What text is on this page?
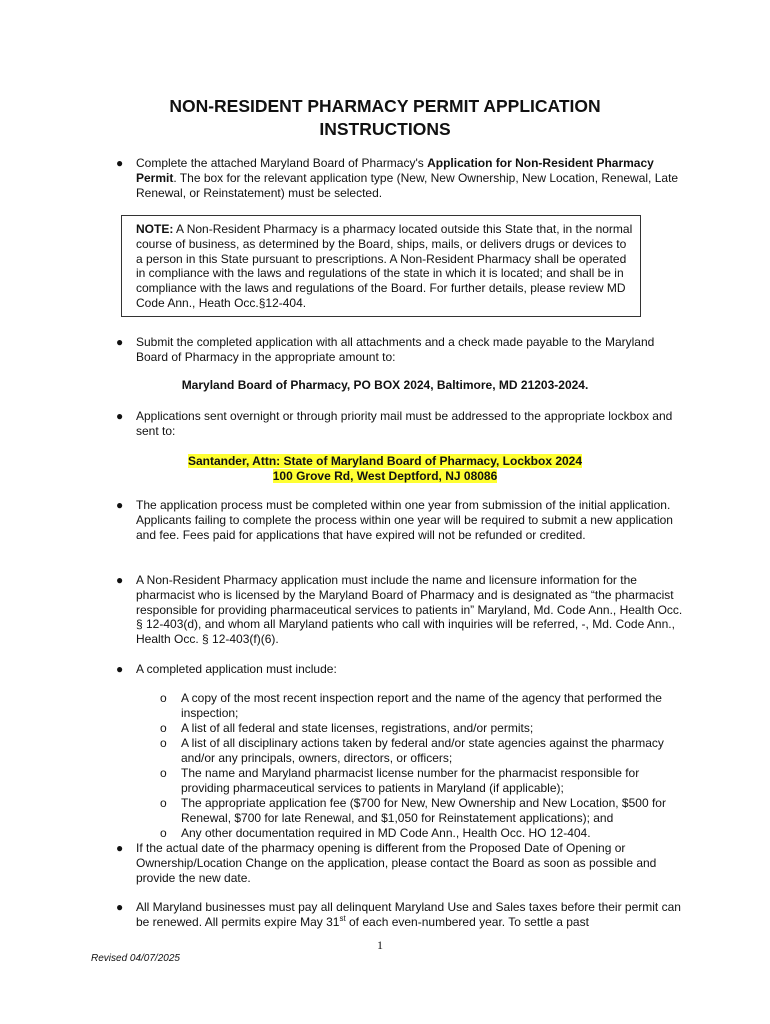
NON-RESIDENT PHARMACY PERMIT APPLICATION
INSTRUCTIONS
● Complete the attached Maryland Board of Pharmacy's Application for Non-Resident Pharmacy Permit. The box for the relevant application type (New, New Ownership, New Location, Renewal, Late Renewal, or Reinstatement) must be selected.
NOTE: A Non-Resident Pharmacy is a pharmacy located outside this State that, in the normal course of business, as determined by the Board, ships, mails, or delivers drugs or devices to a person in this State pursuant to prescriptions. A Non-Resident Pharmacy shall be operated in compliance with the laws and regulations of the state in which it is located; and shall be in compliance with the laws and regulations of the Board. For further details, please review MD Code Ann., Heath Occ.§12-404.
● Submit the completed application with all attachments and a check made payable to the Maryland Board of Pharmacy in the appropriate amount to:
Maryland Board of Pharmacy, PO BOX 2024, Baltimore, MD 21203-2024.
● Applications sent overnight or through priority mail must be addressed to the appropriate lockbox and sent to:
Santander, Attn: State of Maryland Board of Pharmacy, Lockbox 2024
100 Grove Rd, West Deptford, NJ 08086
● The application process must be completed within one year from submission of the initial application. Applicants failing to complete the process within one year will be required to submit a new application and fee. Fees paid for applications that have expired will not be refunded or credited.
● A Non-Resident Pharmacy application must include the name and licensure information for the pharmacist who is licensed by the Maryland Board of Pharmacy and is designated as “the pharmacist responsible for providing pharmaceutical services to patients in” Maryland, Md. Code Ann., Health Occ. § 12-403(d), and whom all Maryland patients who call with inquiries will be referred, -, Md. Code Ann., Health Occ. § 12-403(f)(6).
● A completed application must include:
o A copy of the most recent inspection report and the name of the agency that performed the inspection;
o A list of all federal and state licenses, registrations, and/or permits;
o A list of all disciplinary actions taken by federal and/or state agencies against the pharmacy and/or any principals, owners, directors, or officers;
o The name and Maryland pharmacist license number for the pharmacist responsible for providing pharmaceutical services to patients in Maryland (if applicable);
o The appropriate application fee ($700 for New, New Ownership and New Location, $500 for Renewal, $700 for late Renewal, and $1,050 for Reinstatement applications); and
o Any other documentation required in MD Code Ann., Health Occ. HO 12-404.
● If the actual date of the pharmacy opening is different from the Proposed Date of Opening or Ownership/Location Change on the application, please contact the Board as soon as possible and provide the new date.
● All Maryland businesses must pay all delinquent Maryland Use and Sales taxes before their permit can be renewed. All permits expire May 31st of each even-numbered year. To settle a past
1
Revised 04/07/2025
